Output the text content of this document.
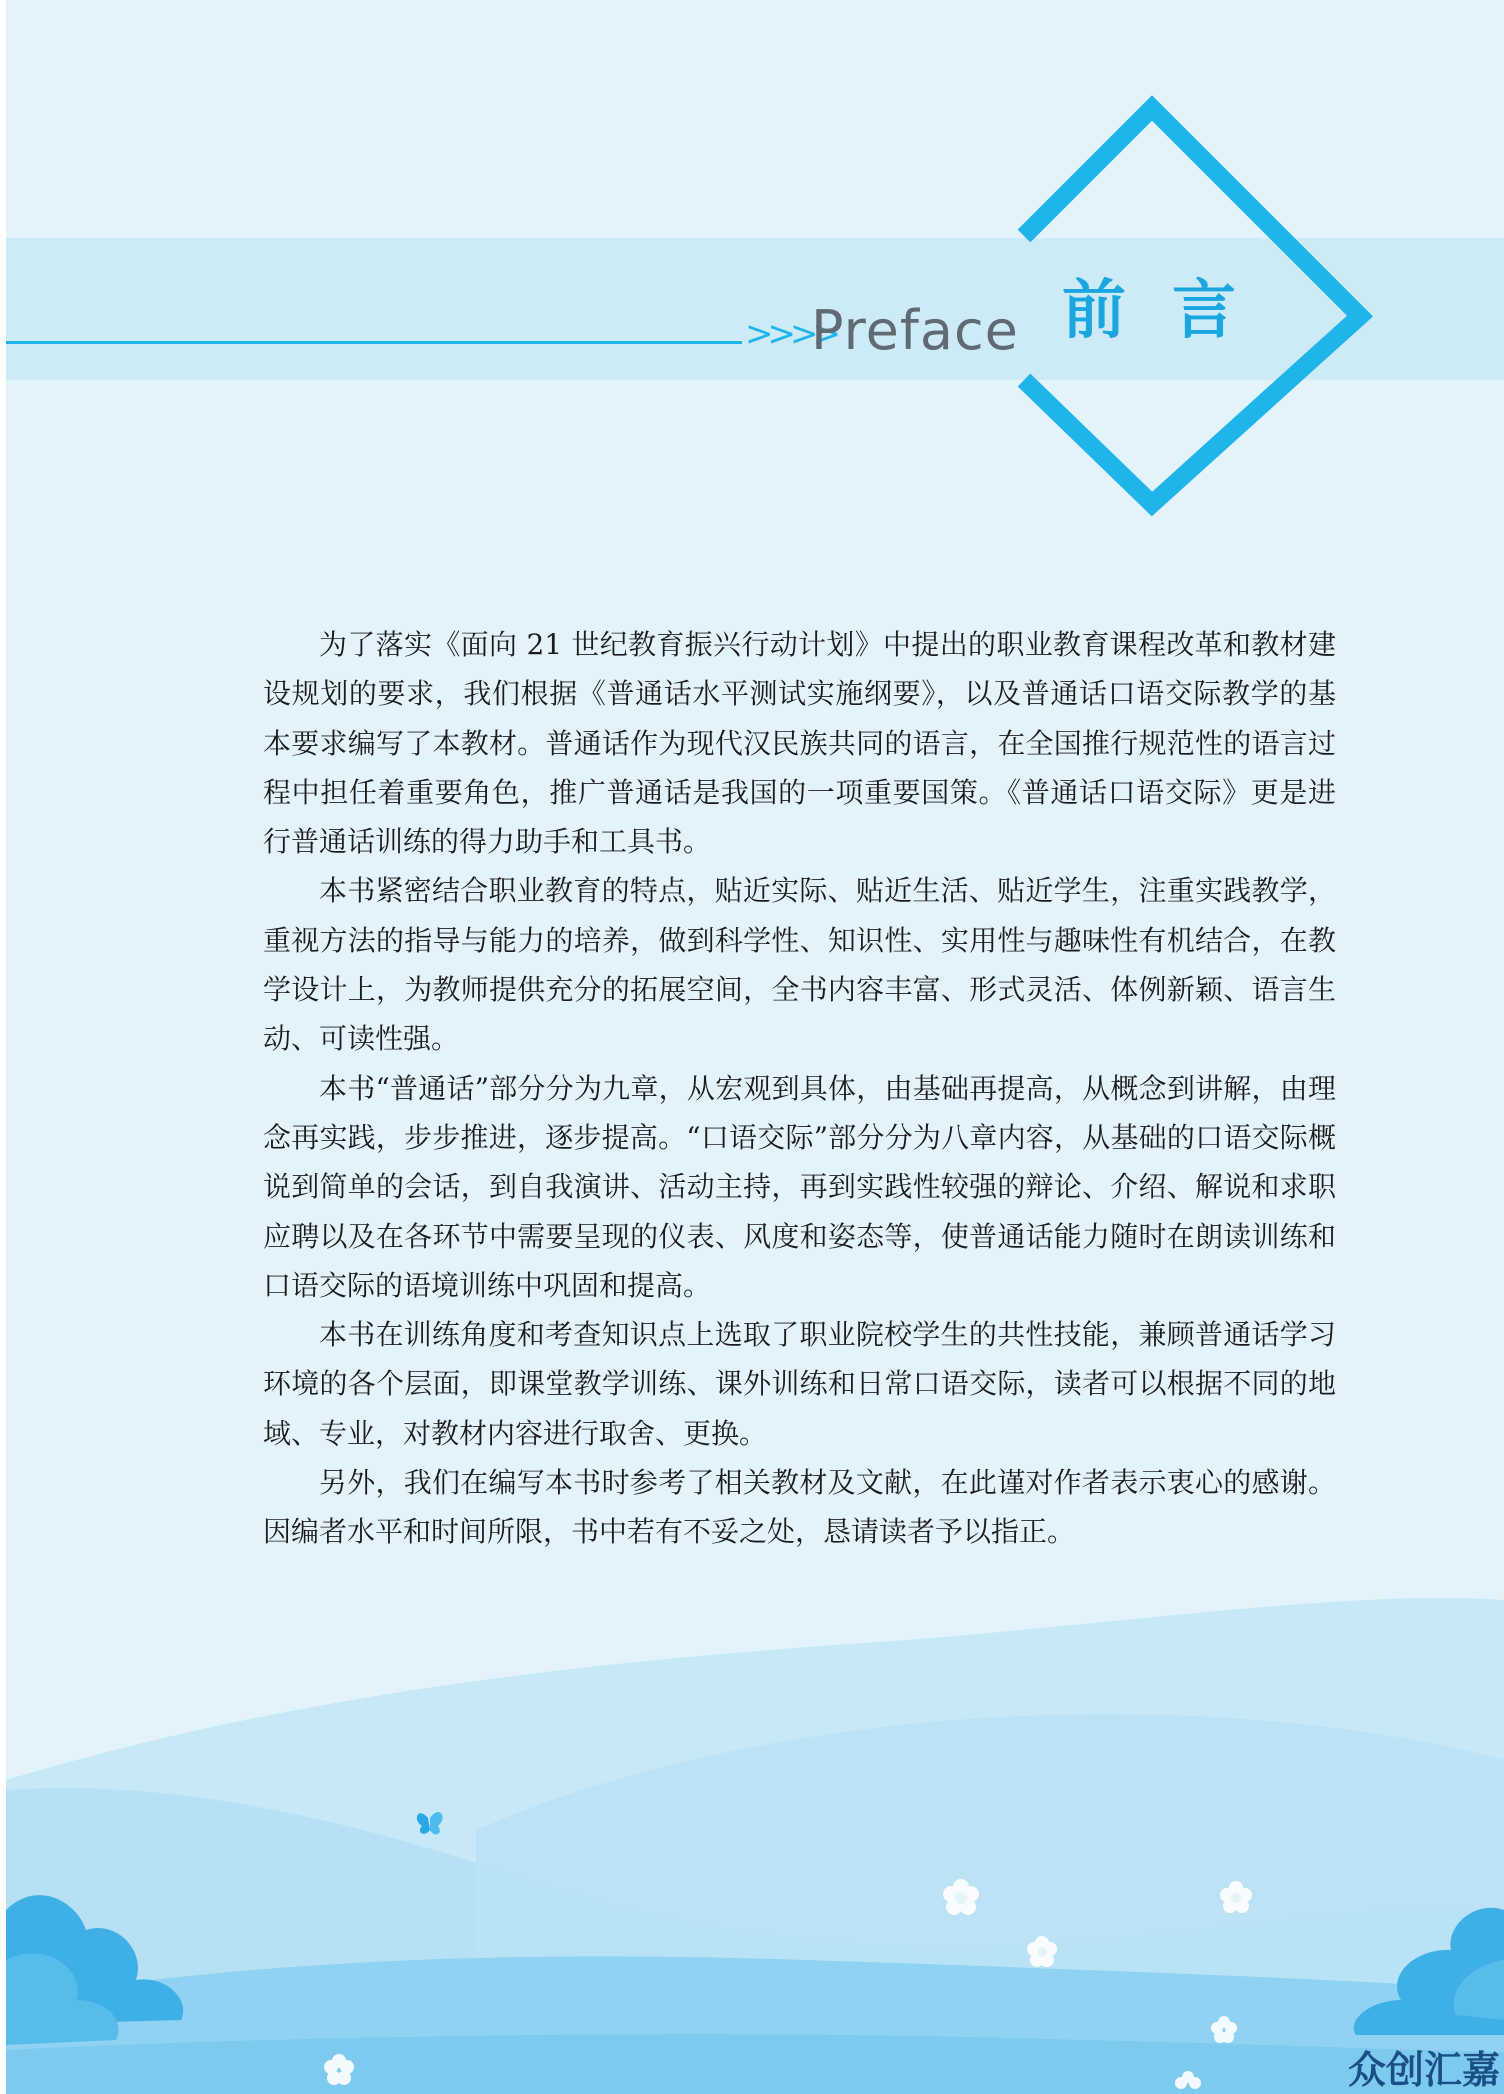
>>>>
Preface 前言

为了落实《面向 21 世纪教育振兴行动计划》中提出的职业教育课程改革和教材建设规划的要求，我们根据《普通话水平测试实施纲要》，以及普通话口语交际教学的基本要求编写了本教材。普通话作为现代汉民族共同的语言，在全国推行规范性的语言过程中担任着重要角色，推广普通话是我国的一项重要国策。《普通话口语交际》更是进行普通话训练的得力助手和工具书。

本书紧密结合职业教育的特点，贴近实际、贴近生活、贴近学生，注重实践教学，重视方法的指导与能力的培养，做到科学性、知识性、实用性与趣味性有机结合，在教学设计上，为教师提供充分的拓展空间，全书内容丰富、形式灵活、体例新颖、语言生动、可读性强。

本书“普通话”部分分为九章，从宏观到具体，由基础再提高，从概念到讲解，由理念再实践，步步推进，逐步提高。“口语交际”部分分为八章内容，从基础的口语交际概说到简单的会话，到自我演讲、活动主持，再到实践性较强的辩论、介绍、解说和求职应聘以及在各环节中需要呈现的仪表、风度和姿态等，使普通话能力随时在朗读训练和口语交际的语境训练中巩固和提高。

本书在训练角度和考查知识点上选取了职业院校学生的共性技能，兼顾普通话学习环境的各个层面，即课堂教学训练、课外训练和日常口语交际，读者可以根据不同的地域、专业，对教材内容进行取舍、更换。

另外，我们在编写本书时参考了相关教材及文献，在此谨对作者表示衷心的感谢。因编者水平和时间所限，书中若有不妥之处，恳请读者予以指正。

众创汇嘉
